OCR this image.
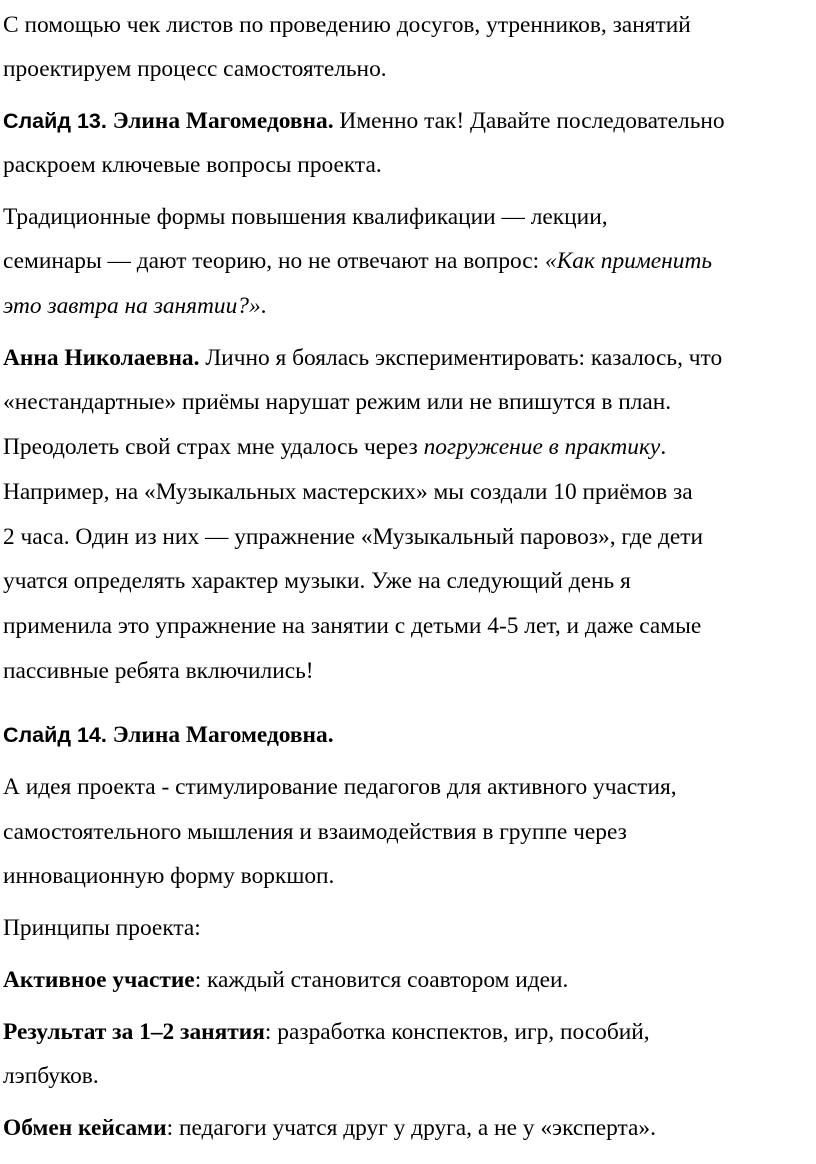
С помощью чек листов по проведению досугов, утренников, занятий
проектируем процесс самостоятельно.
Слайд 13. Элина Магомедовна. Именно так! Давайте последовательно
раскроем ключевые вопросы проекта.
Традиционные формы повышения квалификации — лекции,
семинары — дают теорию, но не отвечают на вопрос: «Как применить
это завтра на занятии?».
Анна Николаевна. Лично я боялась экспериментировать: казалось, что
«нестандартные» приёмы нарушат режим или не впишутся в план.
Преодолеть свой страх мне удалось через погружение в практику.
Например, на «Музыкальных мастерских» мы создали 10 приёмов за
2 часа. Один из них — упражнение «Музыкальный паровоз», где дети
учатся определять характер музыки. Уже на следующий день я
применила это упражнение на занятии с детьми 4-5 лет, и даже самые
пассивные ребята включились!
Слайд 14. Элина Магомедовна.
А идея проекта - стимулирование педагогов для активного участия,
самостоятельного мышления и взаимодействия в группе через
инновационную форму воркшоп.
Принципы проекта:
Активное участие: каждый становится соавтором идеи.
Результат за 1–2 занятия: разработка конспектов, игр, пособий,
лэпбуков.
Обмен кейсами: педагоги учатся друг у друга, а не у «эксперта».
